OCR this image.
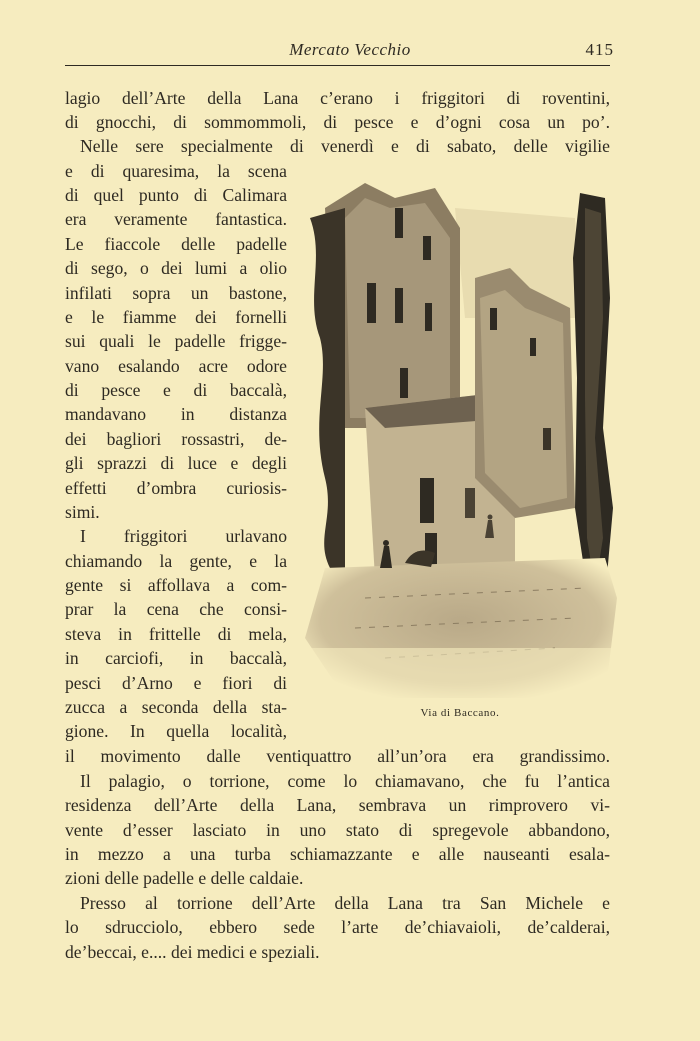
Mercato Vecchio	415
lagio dell’Arte della Lana c’erano i friggitori di roventini,
di gnocchi, di sommommoli, di pesce e d’ogni cosa un po’.
Nelle sere specialmente di venerdì e di sabato, delle vigilie
e di quaresima, la scena
di quel punto di Calimara
era veramente fantastica.
Le fiaccole delle padelle
di sego, o dei lumi a olio
infilati sopra un bastone,
e le fiamme dei fornelli
sui quali le padelle frigge-
vano esalando acre odore
di pesce e di baccalà,
mandavano in distanza
dei bagliori rossastri, de-
gli sprazzi di luce e degli
effetti d’ombra curiosis-
simi.
I friggitori urlavano
chiamando la gente, e la
gente si affollava a com-
prar la cena che consi-
steva in frittelle di mela,
in carciofi, in baccalà,
pesci d’Arno e fiori di
zucca a seconda della sta-
gione. In quella località,
il movimento dalle ventiquattro all’un’ora era grandissimo.
Il palagio, o torrione, come lo chiamavano, che fu l’antica
residenza dell’Arte della Lana, sembrava un rimprovero vi-
vente d’esser lasciato in uno stato di spregevole abbandono,
in mezzo a una turba schiamazzante e alle nauseanti esala-
zioni delle padelle e delle caldaie.
Presso al torrione dell’Arte della Lana tra San Michele e
lo sdrucciolo, ebbero sede l’arte de’chiavaioli, de’calderai,
de’beccai, e.... dei medici e speziali.
Via di Baccano.
